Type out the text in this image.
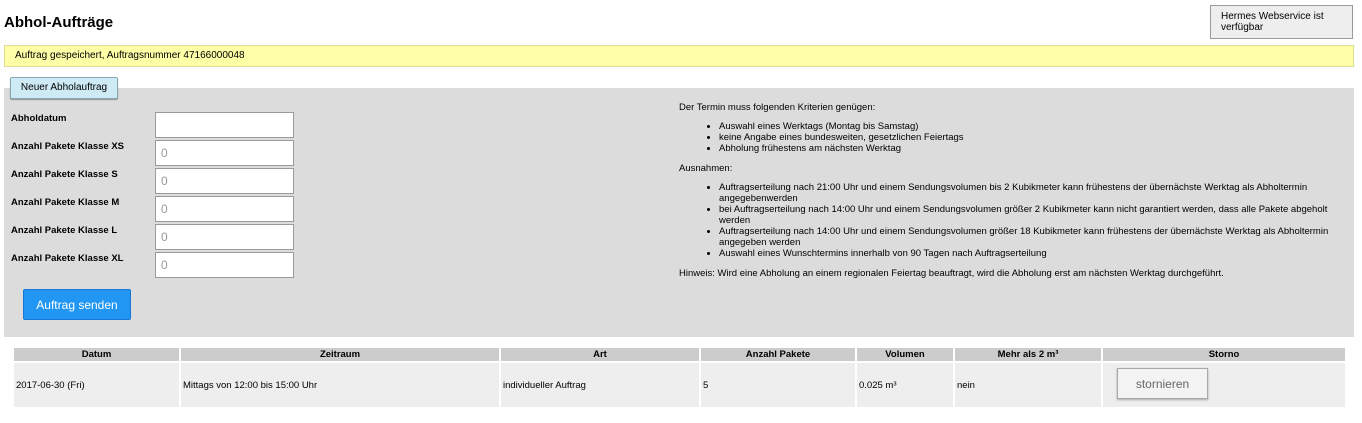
Abhol-Aufträge	Hermes Webservice ist verfügbar
Auftrag gespeichert, Auftragsnummer 47166000048
Neuer Abholauftrag
Abholdatum
Anzahl Pakete Klasse XS
0
Anzahl Pakete Klasse S
0
Anzahl Pakete Klasse M
0
Anzahl Pakete Klasse L
0
Anzahl Pakete Klasse XL
0
Auftrag senden

Der Termin muss folgenden Kriterien genügen:

• Auswahl eines Werktags (Montag bis Samstag)
• keine Angabe eines bundesweiten, gesetzlichen Feiertags
• Abholung frühestens am nächsten Werktag

Ausnahmen:

• Auftragserteilung nach 21:00 Uhr und einem Sendungsvolumen bis 2 Kubikmeter kann frühestens der übernächste Werktag als Abholtermin angegebenwerden
• bei Auftragserteilung nach 14:00 Uhr und einem Sendungsvolumen größer 2 Kubikmeter kann nicht garantiert werden, dass alle Pakete abgeholt werden
• Auftragserteilung nach 14:00 Uhr und einem Sendungsvolumen größer 18 Kubikmeter kann frühestens der übernächste Werktag als Abholtermin angegeben werden
• Auswahl eines Wunschtermins innerhalb von 90 Tagen nach Auftragserteilung

Hinweis: Wird eine Abholung an einem regionalen Feiertag beauftragt, wird die Abholung erst am nächsten Werktag durchgeführt.

Datum	Zeitraum	Art	Anzahl Pakete	Volumen	Mehr als 2 m³	Storno
2017-06-30 (Fri)	Mittags von 12:00 bis 15:00 Uhr	individueller Auftrag	5	0.025 m³	nein	stornieren
